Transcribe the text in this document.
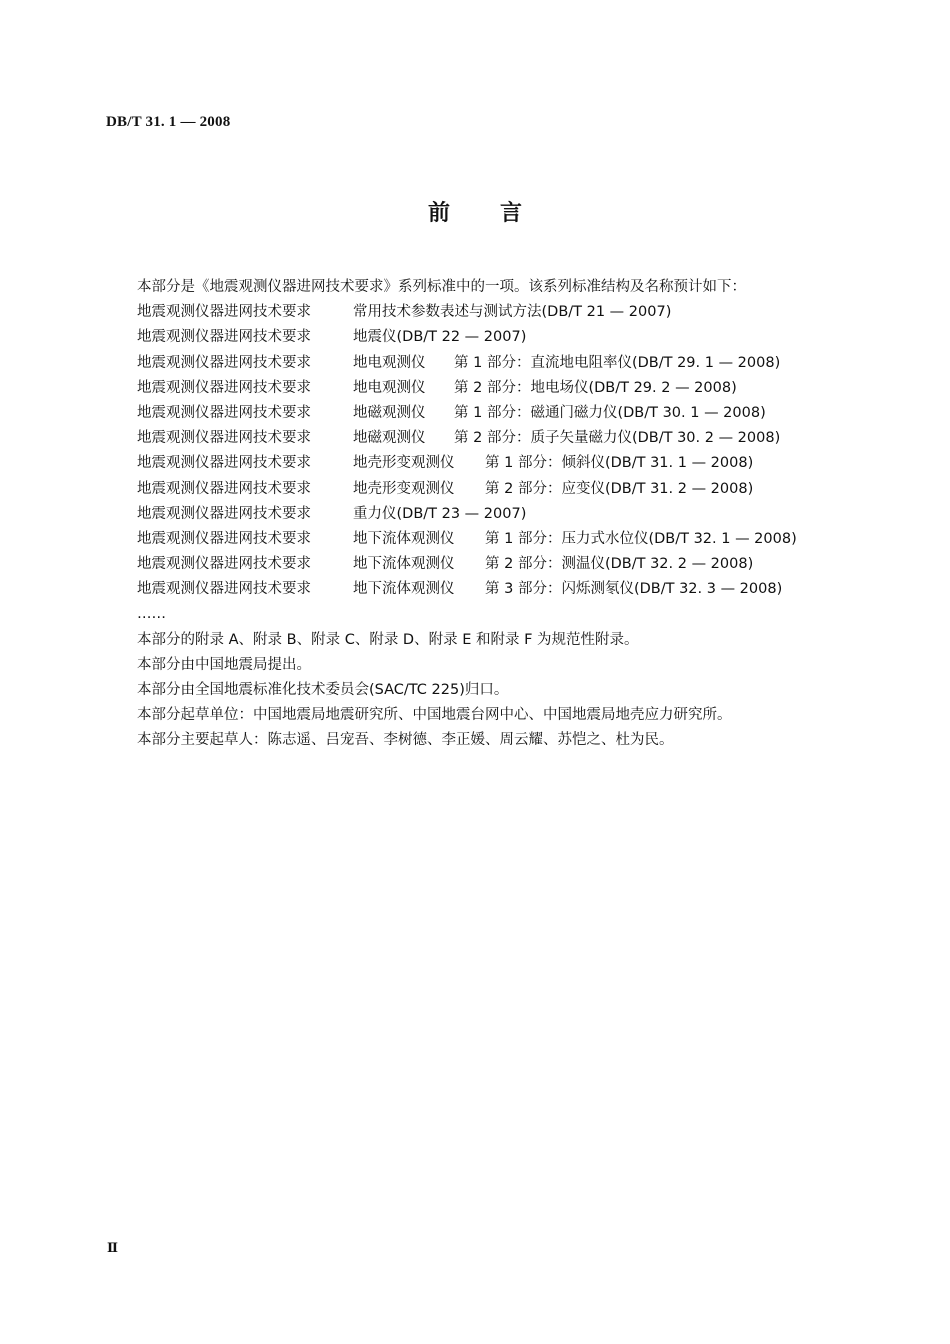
DB/T 31. 1 — 2008
前言
本部分是《地震观测仪器进网技术要求》系列标准中的一项。该系列标准结构及名称预计如下：
地震观测仪器进网技术要求	常用技术参数表述与测试方法(DB/T 21 — 2007)
地震观测仪器进网技术要求	地震仪(DB/T 22 — 2007)
地震观测仪器进网技术要求	地电观测仪 第 1 部分：直流地电阻率仪(DB/T 29. 1 — 2008)
地震观测仪器进网技术要求	地电观测仪 第 2 部分：地电场仪(DB/T 29. 2 — 2008)
地震观测仪器进网技术要求	地磁观测仪 第 1 部分：磁通门磁力仪(DB/T 30. 1 — 2008)
地震观测仪器进网技术要求	地磁观测仪 第 2 部分：质子矢量磁力仪(DB/T 30. 2 — 2008)
地震观测仪器进网技术要求	地壳形变观测仪 第 1 部分：倾斜仪(DB/T 31. 1 — 2008)
地震观测仪器进网技术要求	地壳形变观测仪 第 2 部分：应变仪(DB/T 31. 2 — 2008)
地震观测仪器进网技术要求	重力仪(DB/T 23 — 2007)
地震观测仪器进网技术要求	地下流体观测仪 第 1 部分：压力式水位仪(DB/T 32. 1 — 2008)
地震观测仪器进网技术要求	地下流体观测仪 第 2 部分：测温仪(DB/T 32. 2 — 2008)
地震观测仪器进网技术要求	地下流体观测仪 第 3 部分：闪烁测氡仪(DB/T 32. 3 — 2008)
……
本部分的附录 A、附录 B、附录 C、附录 D、附录 E 和附录 F 为规范性附录。
本部分由中国地震局提出。
本部分由全国地震标准化技术委员会(SAC/TC 225)归口。
本部分起草单位：中国地震局地震研究所、中国地震台网中心、中国地震局地壳应力研究所。
本部分主要起草人：陈志遥、吕宠吾、李树德、李正媛、周云耀、苏恺之、杜为民。
Ⅱ
